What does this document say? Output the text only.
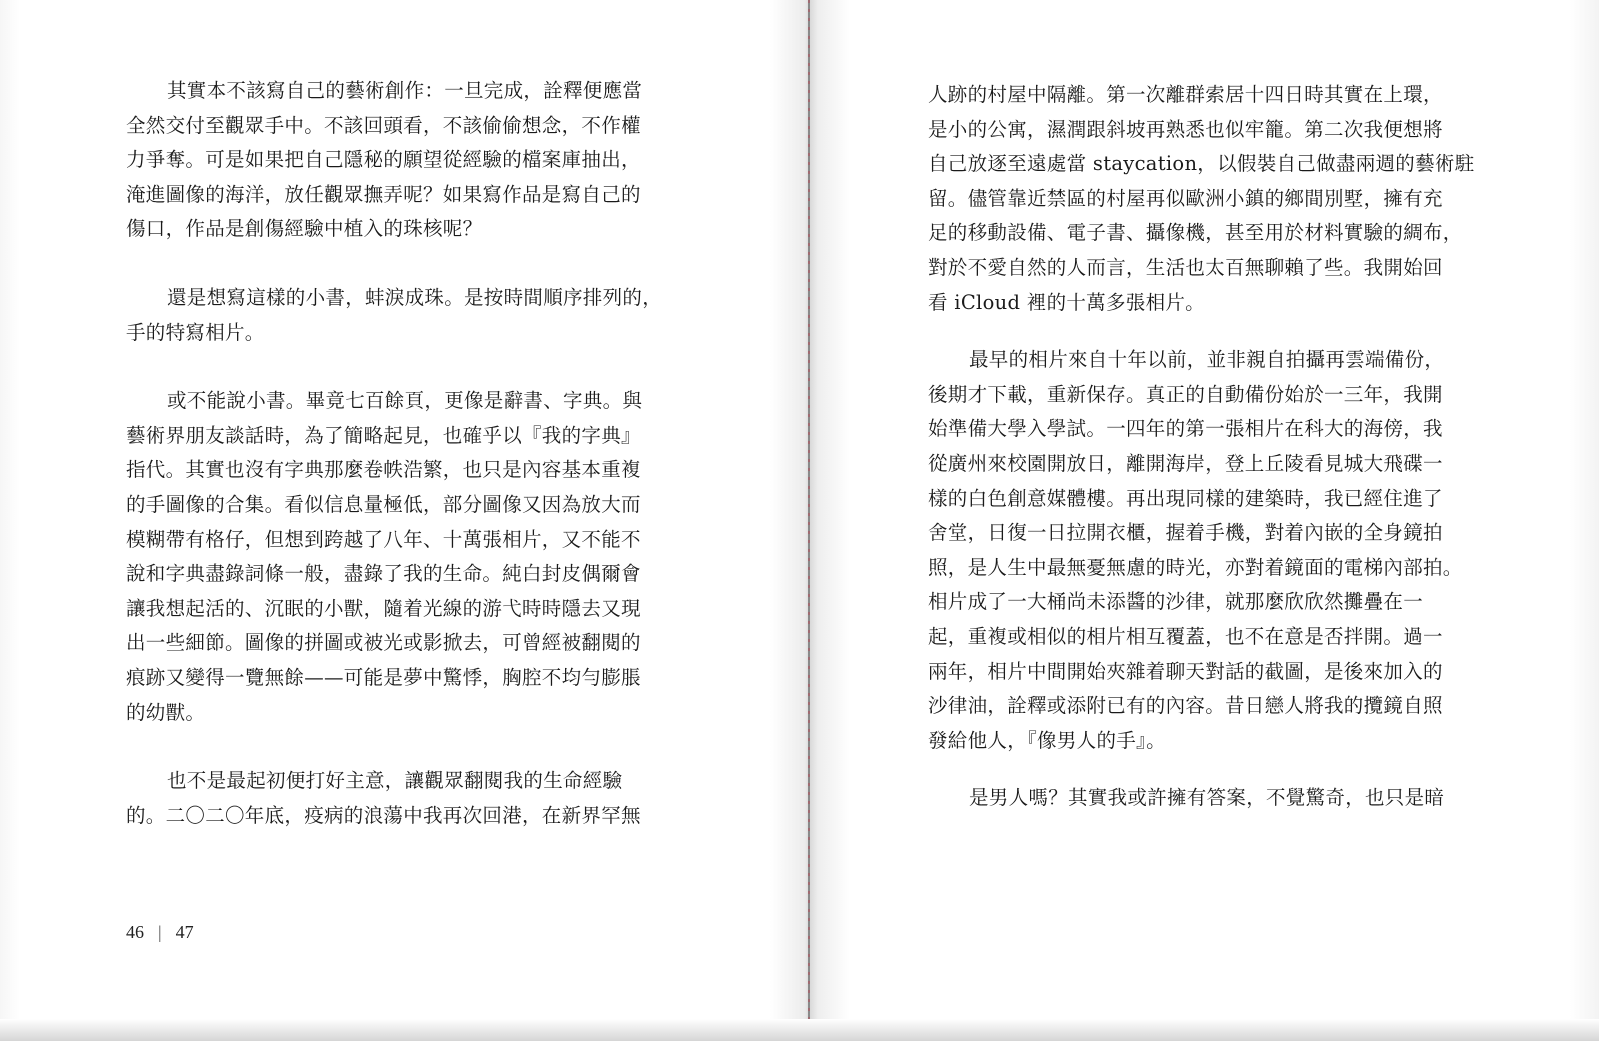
其實本不該寫自己的藝術創作：一旦完成，詮釋便應當
全然交付至觀眾手中。不該回頭看，不該偷偷想念，不作權
力爭奪。可是如果把自己隱秘的願望從經驗的檔案庫抽出，
淹進圖像的海洋，放任觀眾撫弄呢？如果寫作品是寫自己的
傷口，作品是創傷經驗中植入的珠核呢？

還是想寫這樣的小書，蚌淚成珠。是按時間順序排列的，
手的特寫相片。

或不能說小書。畢竟七百餘頁，更像是辭書、字典。與
藝術界朋友談話時，為了簡略起見，也確乎以『我的字典』
指代。其實也沒有字典那麼卷帙浩繁，也只是內容基本重複
的手圖像的合集。看似信息量極低，部分圖像又因為放大而
模糊帶有格仔，但想到跨越了八年、十萬張相片，又不能不
說和字典盡錄詞條一般，盡錄了我的生命。純白封皮偶爾會
讓我想起活的、沉眠的小獸，隨着光線的游弋時時隱去又現
出一些細節。圖像的拼圖或被光或影掀去，可曾經被翻閱的
痕跡又變得一覽無餘——可能是夢中驚悸，胸腔不均勻膨脹
的幼獸。

也不是最起初便打好主意，讓觀眾翻閱我的生命經驗
的。二〇二〇年底，疫病的浪蕩中我再次回港，在新界罕無

46 | 47

人跡的村屋中隔離。第一次離群索居十四日時其實在上環，
是小的公寓，濕潤跟斜坡再熟悉也似牢籠。第二次我便想將
自己放逐至遠處當 staycation，以假裝自己做盡兩週的藝術駐
留。儘管靠近禁區的村屋再似歐洲小鎮的鄉間別墅，擁有充
足的移動設備、電子書、攝像機，甚至用於材料實驗的綢布，
對於不愛自然的人而言，生活也太百無聊賴了些。我開始回
看 iCloud 裡的十萬多張相片。

最早的相片來自十年以前，並非親自拍攝再雲端備份，
後期才下載，重新保存。真正的自動備份始於一三年，我開
始準備大學入學試。一四年的第一張相片在科大的海傍，我
從廣州來校園開放日，離開海岸，登上丘陵看見城大飛碟一
樣的白色創意媒體樓。再出現同樣的建築時，我已經住進了
舍堂，日復一日拉開衣櫃，握着手機，對着內嵌的全身鏡拍
照，是人生中最無憂無慮的時光，亦對着鏡面的電梯內部拍。
相片成了一大桶尚未添醬的沙律，就那麼欣欣然攤疊在一
起，重複或相似的相片相互覆蓋，也不在意是否拌開。過一
兩年，相片中間開始夾雜着聊天對話的截圖，是後來加入的
沙律油，詮釋或添附已有的內容。昔日戀人將我的攬鏡自照
發給他人，『像男人的手』。

是男人嗎？其實我或許擁有答案，不覺驚奇，也只是暗
